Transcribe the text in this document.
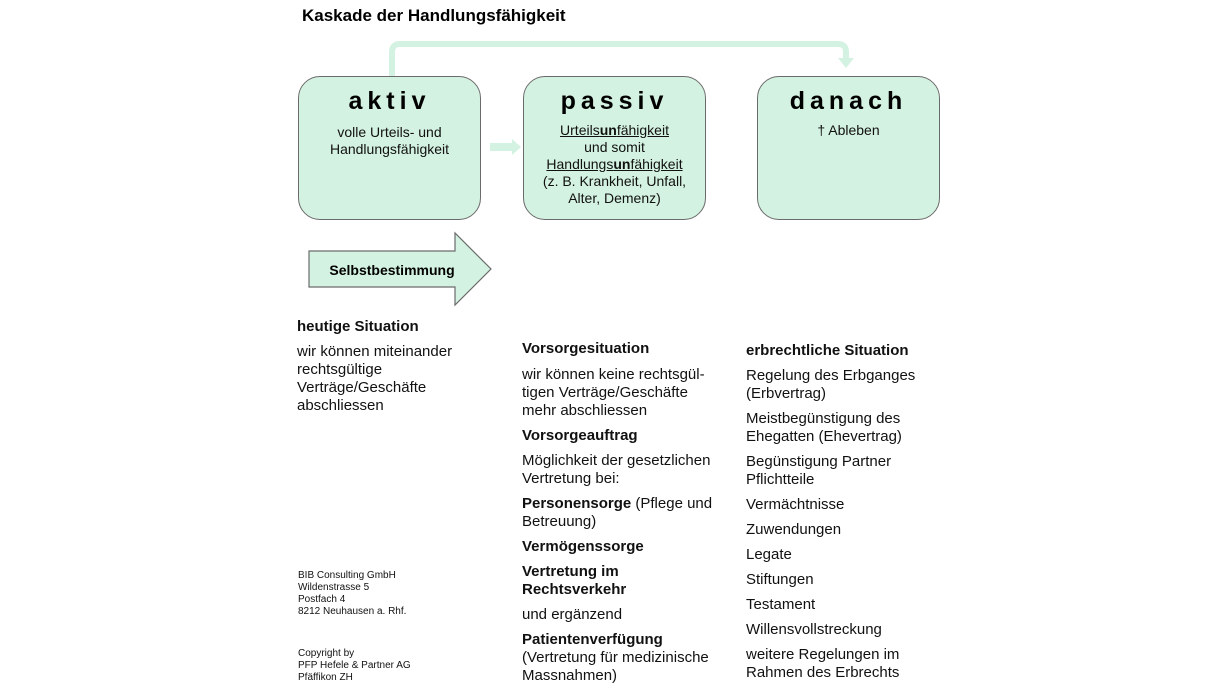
Kaskade der Handlungsfähigkeit
Selbstbestimmung
aktiv
volle Urteils- und
Handlungsfähigkeit
passiv
Urteilsunfähigkeit
und somit
Handlungsunfähigkeit
(z. B. Krankheit, Unfall,
Alter, Demenz)
danach
† Ableben
heutige Situation
wir können miteinander
rechtsgültige
Verträge/Geschäfte
abschliessen
Vorsorgesituation
wir können keine rechtsgül-
tigen Verträge/Geschäfte
mehr abschliessen
Vorsorgeauftrag
Möglichkeit der gesetzlichen
Vertretung bei:
Personensorge (Pflege und
Betreuung)
Vermögenssorge
Vertretung im
Rechtsverkehr
und ergänzend
Patientenverfügung
(Vertretung für medizinische
Massnahmen)
erbrechtliche Situation
Regelung des Erbganges
(Erbvertrag)
Meistbegünstigung des
Ehegatten (Ehevertrag)
Begünstigung Partner
Pflichtteile
Vermächtnisse
Zuwendungen
Legate
Stiftungen
Testament
Willensvollstreckung
weitere Regelungen im
Rahmen des Erbrechts
BIB Consulting GmbH
Wildenstrasse 5
Postfach 4
8212 Neuhausen a. Rhf.
Copyright by
PFP Hefele & Partner AG
Pfäffikon ZH
